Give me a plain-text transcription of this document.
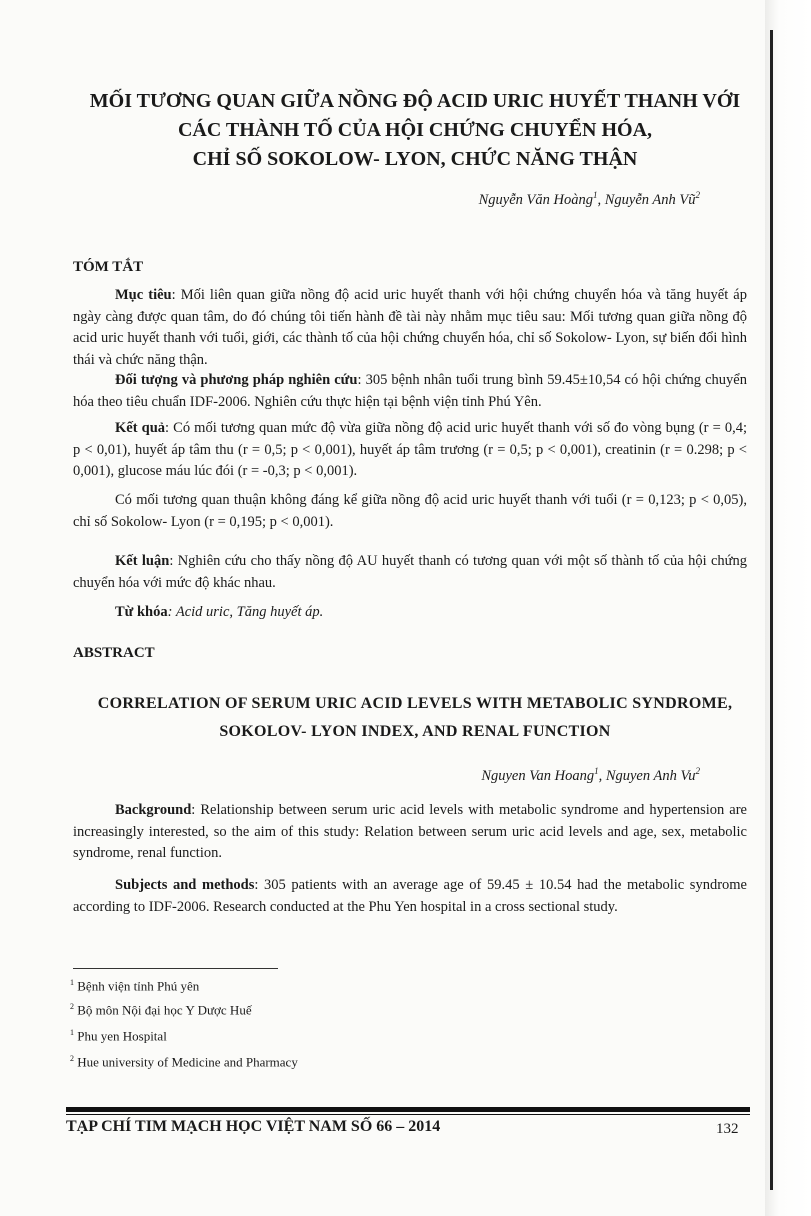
MỐI TƯƠNG QUAN GIỮA NỒNG ĐỘ ACID URIC HUYẾT THANH VỚI
CÁC THÀNH TỐ CỦA HỘI CHỨNG CHUYỂN HÓA,
CHỈ SỐ SOKOLOW- LYON, CHỨC NĂNG THẬN
Nguyễn Văn Hoàng$^1$, Nguyễn Anh $Vũ^2$
TÓM TẮT
Mục tiêu: Mối liên quan giữa nồng độ acid uric huyết thanh với hội chứng chuyển hóa và tăng huyết áp ngày càng được quan tâm, do đó chúng tôi tiến hành đề tài này nhằm mục tiêu sau: Mối tương quan giữa nồng độ acid uric huyết thanh với tuổi, giới, các thành tố của hội chứng chuyển hóa, chỉ số Sokolow- Lyon, sự biến đổi hình thái và chức năng thận.
Đối tượng và phương pháp nghiên cứu: 305 bệnh nhân tuổi trung bình 59.45±10,54 có hội chứng chuyển hóa theo tiêu chuẩn IDF-2006. Nghiên cứu thực hiện tại bệnh viện tỉnh Phú Yên.
Kết quả: Có mối tương quan mức độ vừa giữa nồng độ acid uric huyết thanh với số đo vòng bụng (r = 0,4; p < 0,01), huyết áp tâm thu (r = 0,5; p < 0,001), huyết áp tâm trương (r = 0,5; p < 0,001), creatinin (r = 0.298; p < 0,001), glucose máu lúc đói (r = -0,3; p < 0,001).
Có mối tương quan thuận không đáng kể giữa nồng độ acid uric huyết thanh với tuổi (r = 0,123; p < 0,05), chỉ số Sokolow- Lyon (r = 0,195; p < 0,001).
Kết luận: Nghiên cứu cho thấy nồng độ AU huyết thanh có tương quan với một số thành tố của hội chứng chuyển hóa với mức độ khác nhau.
Từ khóa: Acid uric, Tăng huyết áp.
ABSTRACT
CORRELATION OF SERUM URIC ACID LEVELS WITH METABOLIC SYNDROME,
SOKOLOV- LYON INDEX, AND RENAL FUNCTION
Nguyen Van Hoang$^1$, Nguyen Anh Vu$^2$
Background: Relationship between serum uric acid levels with metabolic syndrome and hypertension are increasingly interested, so the aim of this study: Relation between serum uric acid levels and age, sex, metabolic syndrome, renal function.
Subjects and methods: 305 patients with an average age of 59.45 ± 10.54 had the metabolic syndrome according to IDF-2006. Research conducted at the Phu Yen hospital in a cross sectional study.
$^1$ Bệnh viện tỉnh Phú yên
$^2$ Bộ môn Nội đại học Y Dược Huế
$^1$ Phu yen Hospital
$^2$ Hue university of Medicine and Pharmacy
TẠP CHÍ TIM MẠCH HỌC VIỆT NAM SỐ 66 – 2014	132
